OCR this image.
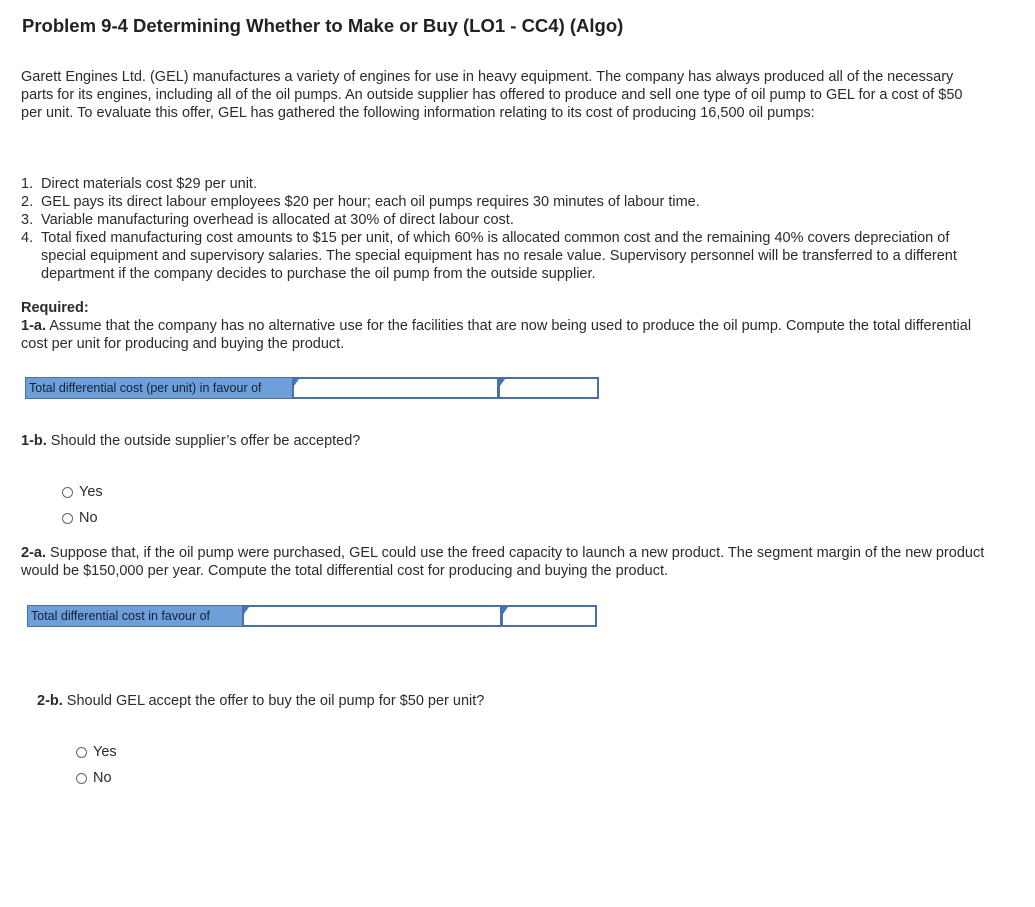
Problem 9-4 Determining Whether to Make or Buy (LO1 - CC4) (Algo)
Garett Engines Ltd. (GEL) manufactures a variety of engines for use in heavy equipment. The company has always produced all of the necessary parts for its engines, including all of the oil pumps. An outside supplier has offered to produce and sell one type of oil pump to GEL for a cost of $50 per unit. To evaluate this offer, GEL has gathered the following information relating to its cost of producing 16,500 oil pumps:
1. Direct materials cost $29 per unit.
2. GEL pays its direct labour employees $20 per hour; each oil pumps requires 30 minutes of labour time.
3. Variable manufacturing overhead is allocated at 30% of direct labour cost.
4. Total fixed manufacturing cost amounts to $15 per unit, of which 60% is allocated common cost and the remaining 40% covers depreciation of special equipment and supervisory salaries. The special equipment has no resale value. Supervisory personnel will be transferred to a different department if the company decides to purchase the oil pump from the outside supplier.
Required:
1-a. Assume that the company has no alternative use for the facilities that are now being used to produce the oil pump. Compute the total differential cost per unit for producing and buying the product.
Total differential cost (per unit) in favour of
1-b. Should the outside supplier’s offer be accepted?
Yes
No
2-a. Suppose that, if the oil pump were purchased, GEL could use the freed capacity to launch a new product. The segment margin of the new product would be $150,000 per year. Compute the total differential cost for producing and buying the product.
Total differential cost in favour of
2-b. Should GEL accept the offer to buy the oil pump for $50 per unit?
Yes
No
